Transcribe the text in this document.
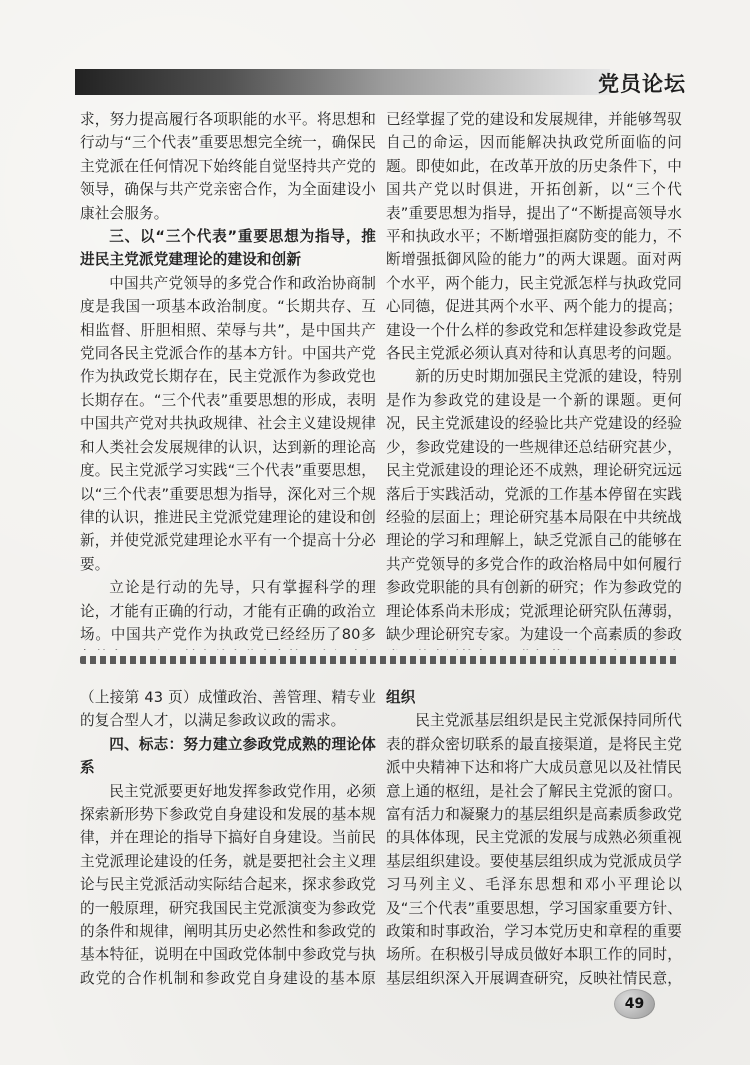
党员论坛

求，努力提高履行各项职能的水平。将思想和行动与“三个代表”重要思想完全统一，确保民主党派在任何情况下始终能自觉坚持共产党的领导，确保与共产党亲密合作，为全面建设小康社会服务。

三、以“三个代表”重要思想为指导，推进民主党派党建理论的建设和创新

中国共产党领导的多党合作和政治协商制度是我国一项基本政治制度。“长期共存、互相监督、肝胆相照、荣辱与共”，是中国共产党同各民主党派合作的基本方针。中国共产党作为执政党长期存在，民主党派作为参政党也长期存在。“三个代表”重要思想的形成，表明中国共产党对共执政规律、社会主义建设规律和人类社会发展规律的认识，达到新的理论高度。民主党派学习实践“三个代表”重要思想，以“三个代表”重要思想为指导，深化对三个规律的认识，推进民主党派党建理论的建设和创新，并使党派党建理论水平有一个提高十分必要。

立论是行动的先导，只有掌握科学的理论，才能有正确的行动，才能有正确的政治立场。中国共产党作为执政党已经经历了80多

已经掌握了党的建设和发展规律，并能够驾驭自己的命运，因而能解决执政党所面临的问题。即使如此，在改革开放的历史条件下，中国共产党以时俱进，开拓创新，以“三个代表”重要思想为指导，提出了“不断提高领导水平和执政水平；不断增强拒腐防变的能力，不断增强抵御风险的能力”的两大课题。面对两个水平，两个能力，民主党派怎样与执政党同心同德，促进其两个水平、两个能力的提高；建设一个什么样的参政党和怎样建设参政党是各民主党派必须认真对待和认真思考的问题。

新的历史时期加强民主党派的建设，特别是作为参政党的建设是一个新的课题。更何况，民主党派建设的经验比共产党建设的经验少，参政党建设的一些规律还总结研究甚少，民主党派建设的理论还不成熟，理论研究远远落后于实践活动，党派的工作基本停留在实践经验的层面上；理论研究基本局限在中共统战理论的学习和理解上，缺乏党派自己的能够在共产党领导的多党合作的政治格局中如何履行参政党职能的具有创新的研究；作为参政党的理论体系尚未形成；党派理论研究队伍薄弱，缺少理论研究专家。为建设一个高素质的参政

（上接第 43 页）成懂政治、善管理、精专业的复合型人才，以满足参政议政的需求。

四、标志：努力建立参政党成熟的理论体系

民主党派要更好地发挥参政党作用，必须探索新形势下参政党自身建设和发展的基本规律，并在理论的指导下搞好自身建设。当前民主党派理论建设的任务，就是要把社会主义理论与民主党派活动实际结合起来，探求参政党的一般原理，研究我国民主党派演变为参政党的条件和规律，阐明其历史必然性和参政党的基本特征，说明在中国政党体制中参政党与执政党的合作机制和参政党自身建设的基本原

组织

民主党派基层组织是民主党派保持同所代表的群众密切联系的最直接渠道，是将民主党派中央精神下达和将广大成员意见以及社情民意上通的枢纽，是社会了解民主党派的窗口。富有活力和凝聚力的基层组织是高素质参政党的具体体现，民主党派的发展与成熟必须重视基层组织建设。要使基层组织成为党派成员学习马列主义、毛泽东思想和邓小平理论以及“三个代表”重要思想，学习国家重要方针、政策和时事政治，学习本党历史和章程的重要场所。在积极引导成员做好本职工作的同时，基层组织深入开展调查研究，反映社情民意，

49
